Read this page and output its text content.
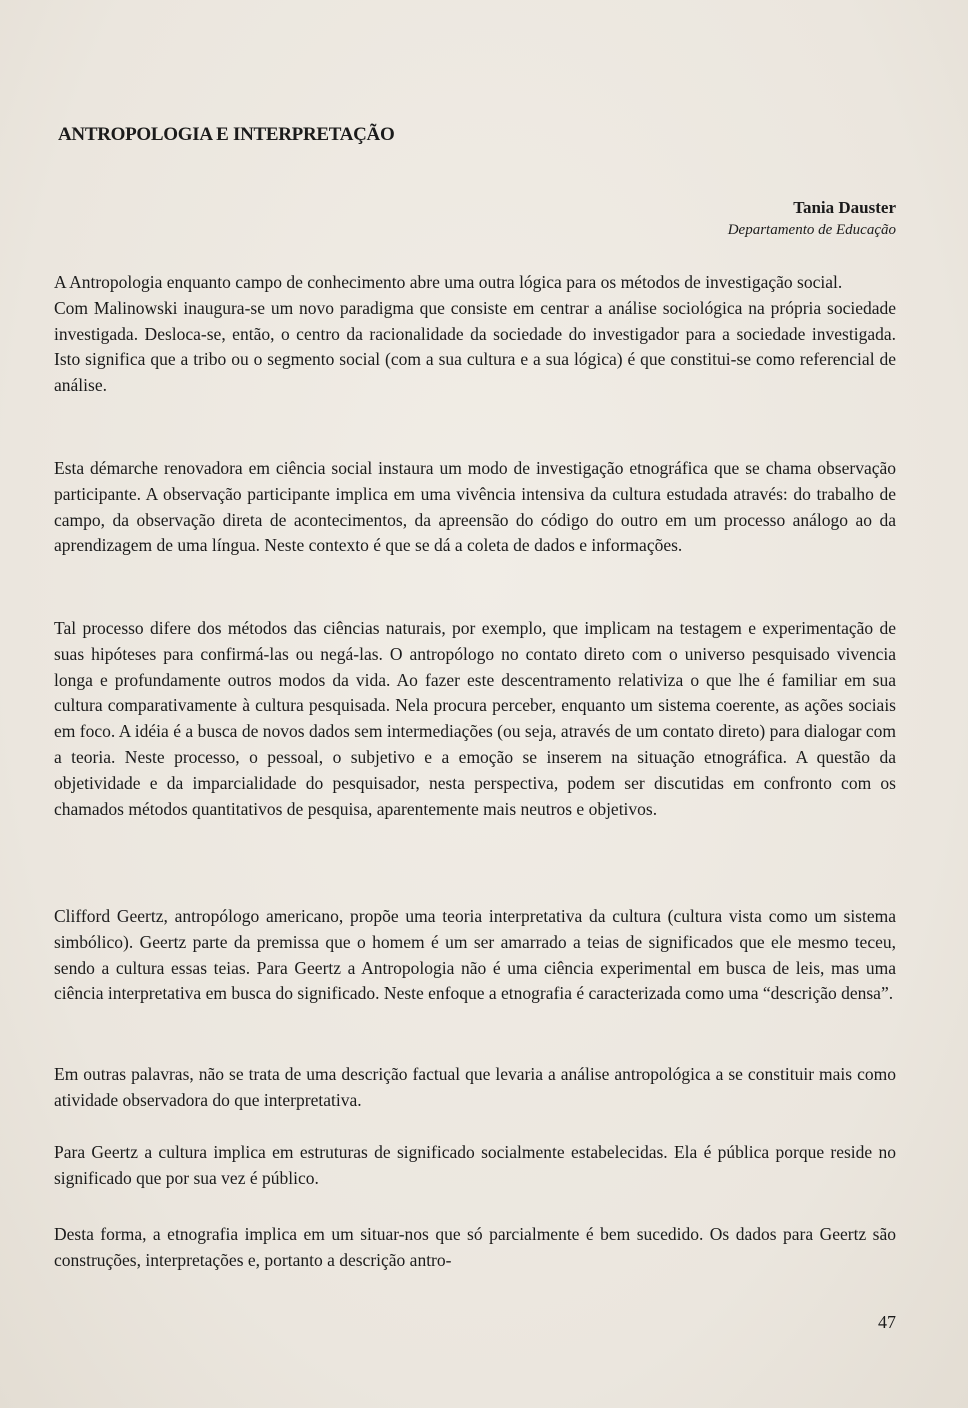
ANTROPOLOGIA E INTERPRETAÇÃO
Tania Dauster
Departamento de Educação

A Antropologia enquanto campo de conhecimento abre uma outra lógica para os métodos de investigação social.

Com Malinowski inaugura-se um novo paradigma que consiste em centrar a análise sociológica na própria sociedade investigada. Desloca-se, então, o centro da racionalidade da sociedade do investigador para a sociedade investigada. Isto significa que a tribo ou o segmento social (com a sua cultura e a sua lógica) é que constitui-se como referencial de análise.

Esta démarche renovadora em ciência social instaura um modo de investigação etnográfica que se chama observação participante. A observação participante implica em uma vivência intensiva da cultura estudada através: do trabalho de campo, da observação direta de acontecimentos, da apreensão do código do outro em um processo análogo ao da aprendizagem de uma língua. Neste contexto é que se dá a coleta de dados e informações.

Tal processo difere dos métodos das ciências naturais, por exemplo, que implicam na testagem e experimentação de suas hipóteses para confirmá-las ou negá-las. O antropólogo no contato direto com o universo pesquisado vivencia longa e profundamente outros modos da vida. Ao fazer este descentramento relativiza o que lhe é familiar em sua cultura comparativamente à cultura pesquisada. Nela procura perceber, enquanto um sistema coerente, as ações sociais em foco. A idéia é a busca de novos dados sem intermediações (ou seja, através de um contato direto) para dialogar com a teoria. Neste processo, o pessoal, o subjetivo e a emoção se inserem na situação etnográfica. A questão da objetividade e da imparcialidade do pesquisador, nesta perspectiva, podem ser discutidas em confronto com os chamados métodos quantitativos de pesquisa, aparentemente mais neutros e objetivos.

Clifford Geertz, antropólogo americano, propõe uma teoria interpretativa da cultura (cultura vista como um sistema simbólico). Geertz parte da premissa que o homem é um ser amarrado a teias de significados que ele mesmo teceu, sendo a cultura essas teias. Para Geertz a Antropologia não é uma ciência experimental em busca de leis, mas uma ciência interpretativa em busca do significado. Neste enfoque a etnografia é caracterizada como uma “descrição densa”.

Em outras palavras, não se trata de uma descrição factual que levaria a análise antropológica a se constituir mais como atividade observadora do que interpretativa.

Para Geertz a cultura implica em estruturas de significado socialmente estabelecidas. Ela é pública porque reside no significado que por sua vez é público.

Desta forma, a etnografia implica em um situar-nos que só parcialmente é bem sucedido. Os dados para Geertz são construções, interpretações e, portanto a descrição antro-

47
